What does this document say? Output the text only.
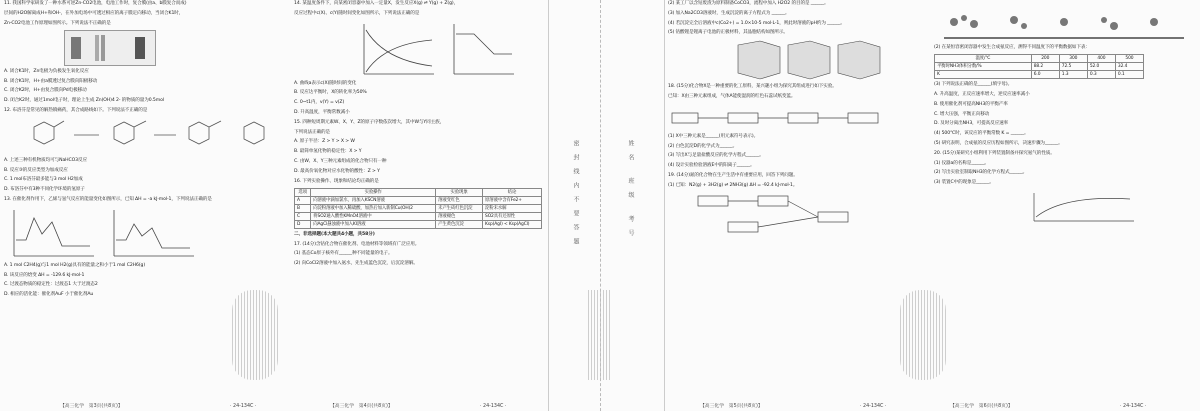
11. 我国科学家研发了一种水系可逆Zn-CO2电池，电池工作时，复合膜(由a、b膜复合而成)

层间的H2O解离成H+和OH-，在外加电场中可透过相应的离子膜定向移动，当闭合K1时，

Zn-CO2电池工作原理如图所示。下列说法不正确的是

A. 闭合K1时，Zn电极为负极发生氧化反应

B. 闭合K1时，H+由a膜透过复合膜向阳极移动

C. 闭合K2时，H+由复合膜向Pd电极移动

D. 闭合K2时，通过1mol电子时，理论上生成 Zn(OH)4 2- 的物质的量为0.5mol

12. 布洛芬是常见的解热镇痛药，其合成路线如下。下列说法不正确的是

A. 上述三种有机物质均可与NaHCO3反应

B. 反应③的反应类型为加成反应

C. 1 mol布洛芬最多能与3 mol H2加成

D. 布洛芬中有3种不同化学环境的氢原子

13. 在催化剂作用下，乙烯与氢气反应的能量变化如图所示，已知 ΔH = -a kJ·mol-1，下列说法正确的是

A. 1 mol C2H4(g)与1 mol H2(g)具有的能量之和小于1 mol C2H6(g)

B. 该反应的焓变 ΔH = -129.6 kJ·mol-1

C. 过渡态物质的稳定性：过渡态1 大于过渡态2

D. 相应的活化能：催化剂AuF 小于催化剂Au

【高三化学　第3页(共8页)】	· 24-134C ·

14. 某温度条件下，向某密闭容器中加入一定量X，发生反应X(g) ⇌ Y(g) + Z(g)，

反应过程中c(X)、c(Y)随时间变化如图所示，下列说法正确的是

A. 曲线a表示c(X)随时间的变化

B. 反应达平衡时，X的转化率为50%

C. 0~t1内，v(Y) = v(Z)

D. 升高温度，平衡常数减小

15. 四种短周期元素W、X、Y、Z的原子序数依次增大，其中W与Y同主族，

下列说法正确的是

A. 原子半径：Z > Y > X > W

B. 最简单氢化物的稳定性：X > Y

C. 由W、X、Y三种元素组成的化合物只有一种

D. 最高价氧化物对应水化物的酸性：Z > Y

16. 下列实验操作、现象和结论均正确的是

选项	实验操作	实验现象	结论
A	向溶液中滴加氯水，再加入KSCN溶液	溶液变红色	原溶液中含有Fe2+
B	向淀粉溶液中加入稀硫酸，加热后加入新制Cu(OH)2	未产生砖红色沉淀	淀粉未水解
C	将SO2通入酸性KMnO4溶液中	溶液褪色	SO2具有还原性
D	向AgCl悬浊液中加入KI溶液	产生黄色沉淀	Ksp(AgI) < Ksp(AgCl)

二、非选择题(本大题共4小题，共58分)

17. (14分)含钴化合物在催化剂、电池材料等领域有广泛应用。

(1) 基态Co原子核外有______种不同能量的电子。

(2) 向CoCl2溶液中加入氨水，先生成蓝色沉淀，后沉淀溶解。

【高三化学　第4页(共8页)】	· 24-134C ·
密封线内不要答题	姓名 班级 考号

(2) 某工厂以含钴废渣为原料制备CoCO3，流程中加入 H2O2 的目的是 ______。

(3) 加入Na2CO3溶液时，生成沉淀的离子方程式为 ______。

(4) 若沉淀完全后溶液中c(Co2+) = 1.0×10-5 mol·L-1，则此时溶液的pH约为 ______。

(5) 钴酸锂是锂离子电池的正极材料，其晶胞结构如图所示。

18. (15分)化合物X是一种重要的化工原料，某兴趣小组为探究其组成进行如下实验。

已知：X由三种元素组成，气体A能使湿润的红色石蕊试纸变蓝。

(1) X中三种元素是______(用元素符号表示)。

(2) 白色沉淀D的化学式为______。

(3) 写出X与足量盐酸反应的化学方程式______。

(4) 设计实验检验溶液E中的阳离子______。

19. (14分)氮的化合物在生产生活中有重要应用，回答下列问题。

(1) 已知：N2(g) + 3H2(g) ⇌ 2NH3(g) ΔH = -92.4 kJ·mol-1。

【高三化学　第5页(共8页)】	· 24-134C ·

(2) 在某恒容密闭容器中发生合成氨反应，测得不同温度下的平衡数据如下表：

温度/℃	200	300	400	500
平衡时NH3体积分数/%	88.2	72.5	52.0	32.4
K	6.0	1.3	0.3	0.1

(3) 下列说法正确的是______(填字母)。

A. 升高温度，正反应速率增大，逆反应速率减小

B. 使用催化剂可提高NH3的平衡产率

C. 增大压强，平衡正向移动

D. 及时分离出NH3，可提高反应速率

(4) 500℃时，该反应的平衡常数 K = ______。

(5) 研究表明，合成氨的反应历程如图所示，决速步骤为______。

20. (15分)某研究小组利用下列装置制备并探究氨气的性质。

(1) 仪器a的名称是______。

(2) 写出实验室制取NH3的化学方程式______。

(3) 装置C中的现象是______。

【高三化学　第6页(共8页)】	· 24-134C ·
